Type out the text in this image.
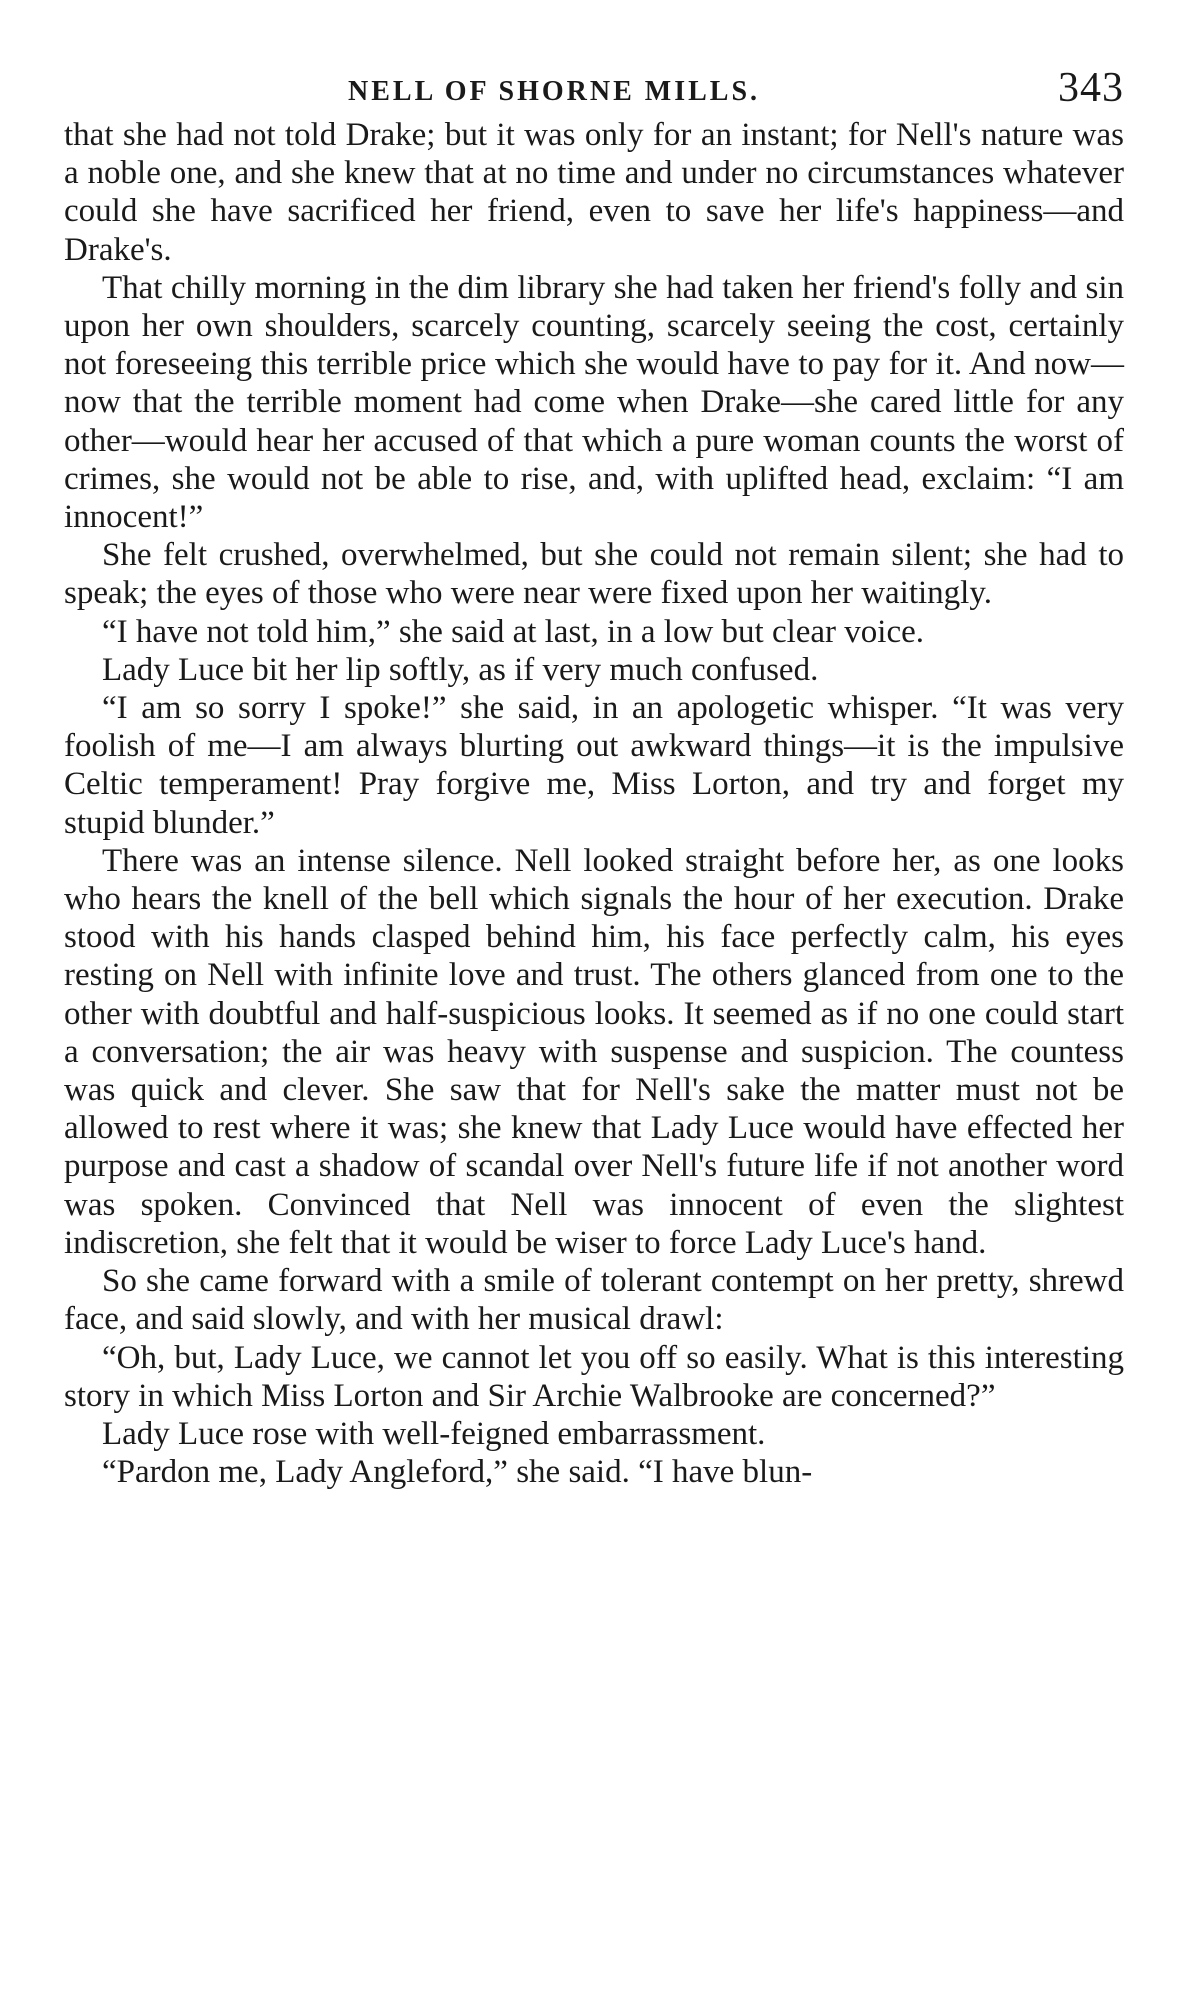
NELL OF SHORNE MILLS.	343

that she had not told Drake; but it was only for an instant; for Nell's nature was a noble one, and she knew that at no time and under no circumstances whatever could she have sacrificed her friend, even to save her life's happiness—and Drake's.

That chilly morning in the dim library she had taken her friend's folly and sin upon her own shoulders, scarcely counting, scarcely seeing the cost, certainly not foreseeing this terrible price which she would have to pay for it. And now—now that the terrible moment had come when Drake—she cared little for any other—would hear her accused of that which a pure woman counts the worst of crimes, she would not be able to rise, and, with uplifted head, exclaim: “I am innocent!”

She felt crushed, overwhelmed, but she could not remain silent; she had to speak; the eyes of those who were near were fixed upon her waitingly.

“I have not told him,” she said at last, in a low but clear voice.

Lady Luce bit her lip softly, as if very much confused.

“I am so sorry I spoke!” she said, in an apologetic whisper. “It was very foolish of me—I am always blurting out awkward things—it is the impulsive Celtic temperament! Pray forgive me, Miss Lorton, and try and forget my stupid blunder.”

There was an intense silence. Nell looked straight before her, as one looks who hears the knell of the bell which signals the hour of her execution. Drake stood with his hands clasped behind him, his face perfectly calm, his eyes resting on Nell with infinite love and trust. The others glanced from one to the other with doubtful and half-suspicious looks. It seemed as if no one could start a conversation; the air was heavy with suspense and suspicion. The countess was quick and clever. She saw that for Nell's sake the matter must not be allowed to rest where it was; she knew that Lady Luce would have effected her purpose and cast a shadow of scandal over Nell's future life if not another word was spoken. Convinced that Nell was innocent of even the slightest indiscretion, she felt that it would be wiser to force Lady Luce's hand.

So she came forward with a smile of tolerant contempt on her pretty, shrewd face, and said slowly, and with her musical drawl:

“Oh, but, Lady Luce, we cannot let you off so easily. What is this interesting story in which Miss Lorton and Sir Archie Walbrooke are concerned?”

Lady Luce rose with well-feigned embarrassment.

“Pardon me, Lady Angleford,” she said. “I have blun-
